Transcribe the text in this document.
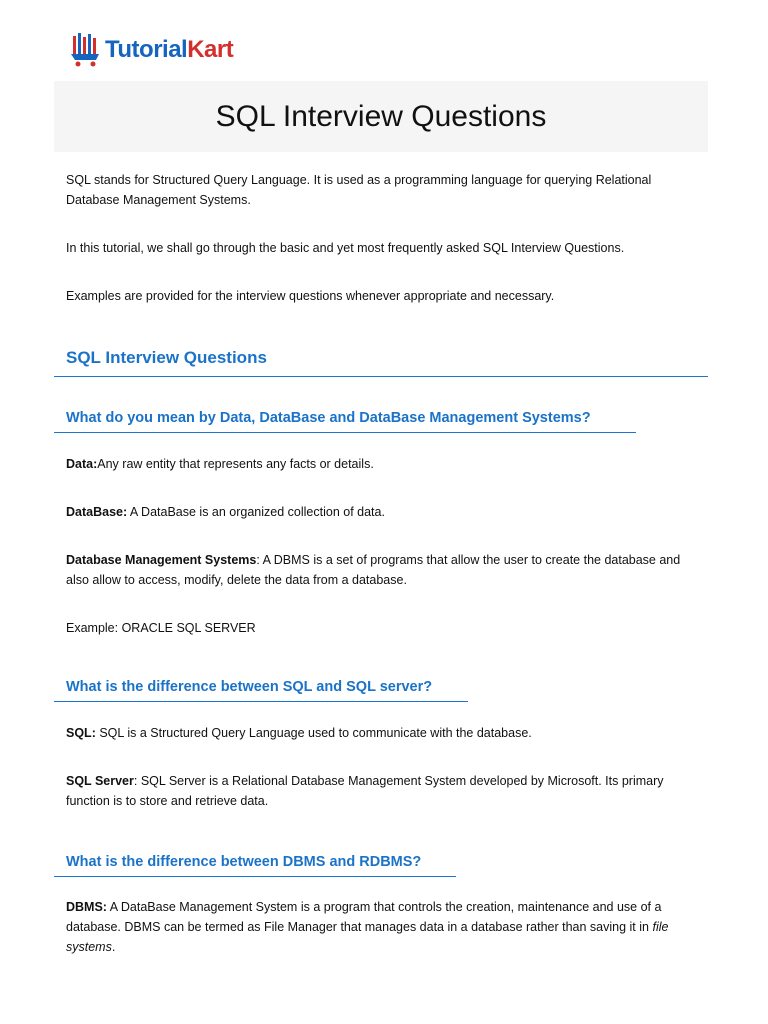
TutorialKart
SQL Interview Questions

SQL stands for Structured Query Language. It is used as a programming language for querying Relational Database Management Systems.

In this tutorial, we shall go through the basic and yet most frequently asked SQL Interview Questions.

Examples are provided for the interview questions whenever appropriate and necessary.

SQL Interview Questions
What do you mean by Data, DataBase and DataBase Management Systems?

Data:Any raw entity that represents any facts or details.

DataBase: A DataBase is an organized collection of data.

Database Management Systems: A DBMS is a set of programs that allow the user to create the database and also allow to access, modify, delete the data from a database.

Example: ORACLE SQL SERVER

What is the difference between SQL and SQL server?

SQL: SQL is a Structured Query Language used to communicate with the database.

SQL Server: SQL Server is a Relational Database Management System developed by Microsoft. Its primary function is to store and retrieve data.

What is the difference between DBMS and RDBMS?

DBMS: A DataBase Management System is a program that controls the creation, maintenance and use of a database. DBMS can be termed as File Manager that manages data in a database rather than saving it in file systems.
